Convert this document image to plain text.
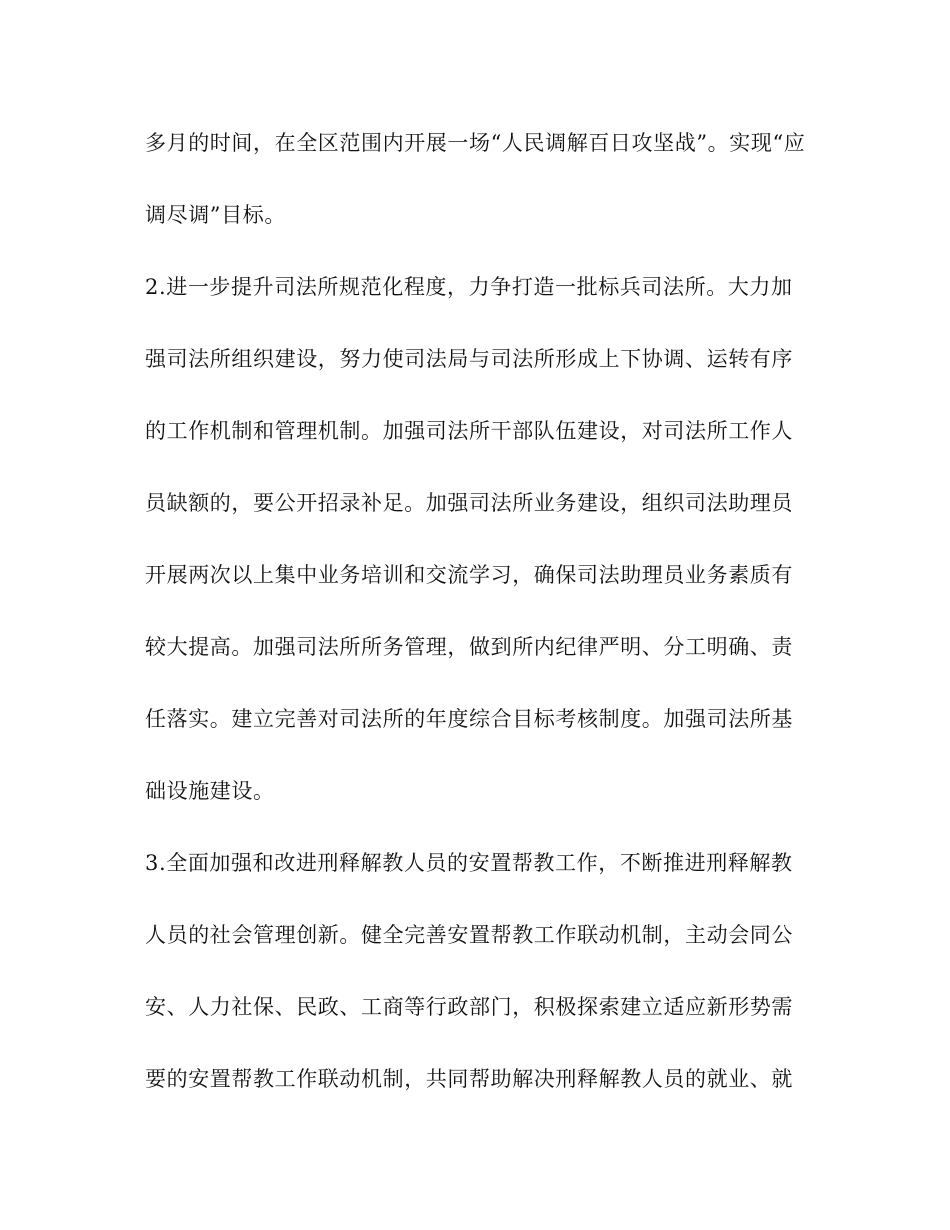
多月的时间，在全区范围内开展一场“人民调解百日攻坚战”。实现“应
调尽调”目标。
2.进一步提升司法所规范化程度，力争打造一批标兵司法所。大力加
强司法所组织建设，努力使司法局与司法所形成上下协调、运转有序
的工作机制和管理机制。加强司法所干部队伍建设，对司法所工作人
员缺额的，要公开招录补足。加强司法所业务建设，组织司法助理员
开展两次以上集中业务培训和交流学习，确保司法助理员业务素质有
较大提高。加强司法所所务管理，做到所内纪律严明、分工明确、责
任落实。建立完善对司法所的年度综合目标考核制度。加强司法所基
础设施建设。
3.全面加强和改进刑释解教人员的安置帮教工作，不断推进刑释解教
人员的社会管理创新。健全完善安置帮教工作联动机制，主动会同公
安、人力社保、民政、工商等行政部门，积极探索建立适应新形势需
要的安置帮教工作联动机制，共同帮助解决刑释解教人员的就业、就
